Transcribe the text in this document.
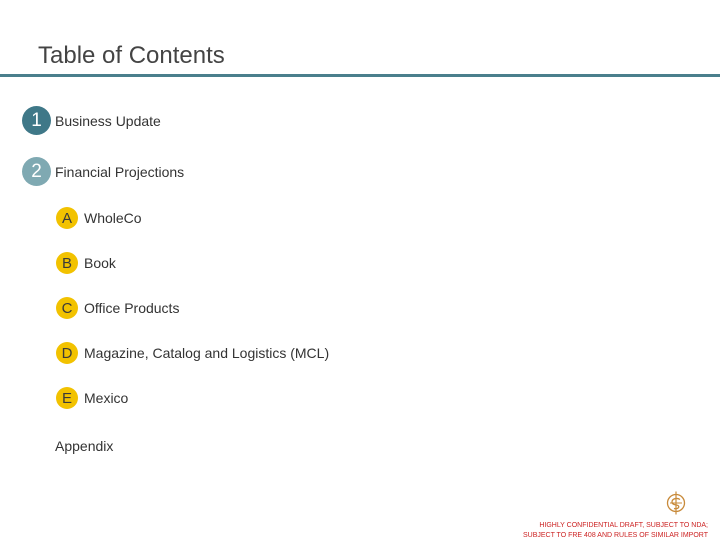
Table of Contents
1 Business Update
2 Financial Projections
A WholeCo
B Book
C Office Products
D Magazine, Catalog and Logistics (MCL)
E Mexico
Appendix
HIGHLY CONFIDENTIAL DRAFT, SUBJECT TO NDA;
SUBJECT TO FRE 408 AND RULES OF SIMILAR IMPORT
